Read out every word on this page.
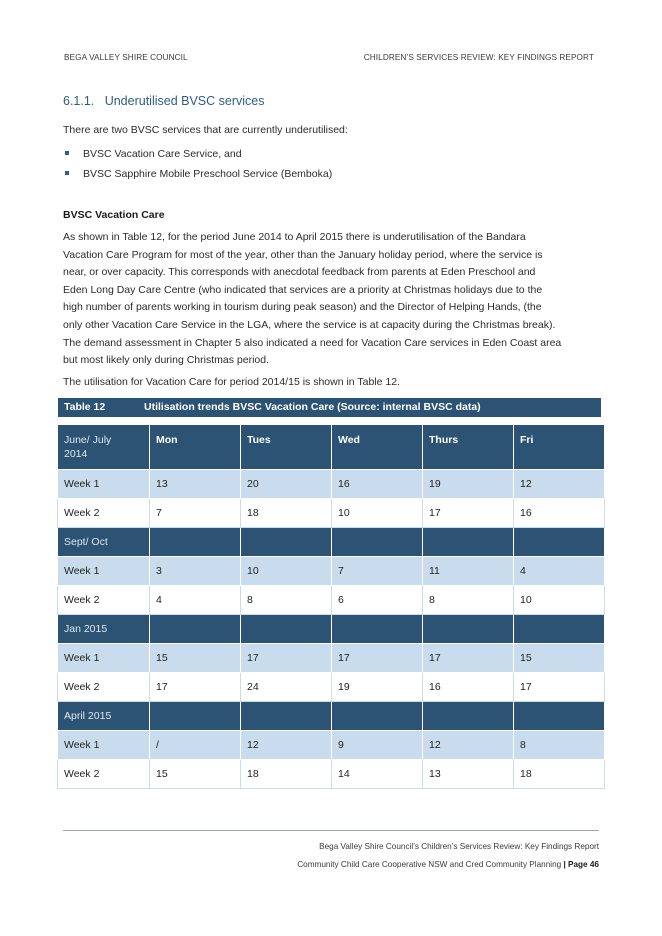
BEGA VALLEY SHIRE COUNCIL	CHILDREN’S SERVICES REVIEW: KEY FINDINGS REPORT
6.1.1.   Underutilised BVSC services
There are two BVSC services that are currently underutilised:
BVSC Vacation Care Service, and
BVSC Sapphire Mobile Preschool Service (Bemboka)
BVSC Vacation Care
As shown in Table 12, for the period June 2014 to April 2015 there is underutilisation of the Bandara
Vacation Care Program for most of the year, other than the January holiday period, where the service is
near, or over capacity. This corresponds with anecdotal feedback from parents at Eden Preschool and
Eden Long Day Care Centre (who indicated that services are a priority at Christmas holidays due to the
high number of parents working in tourism during peak season) and the Director of Helping Hands, (the
only other Vacation Care Service in the LGA, where the service is at capacity during the Christmas break).
The demand assessment in Chapter 5 also indicated a need for Vacation Care services in Eden Coast area
but most likely only during Christmas period.
The utilisation for Vacation Care for period 2014/15 is shown in Table 12.
Table 12	Utilisation trends BVSC Vacation Care (Source: internal BVSC data)
June/ July
2014	Mon	Tues	Wed	Thurs	Fri
Week 1	13	20	16	19	12
Week 2	7	18	10	17	16
Sept/ Oct					
Week 1	3	10	7	11	4
Week 2	4	8	6	8	10
Jan 2015					
Week 1	15	17	17	17	15
Week 2	17	24	19	16	17
April 2015					
Week 1	/	12	9	12	8
Week 2	15	18	14	13	18
Bega Valley Shire Council’s Children’s Services Review: Key Findings Report
Community Child Care Cooperative NSW and Cred Community Planning | Page 46
